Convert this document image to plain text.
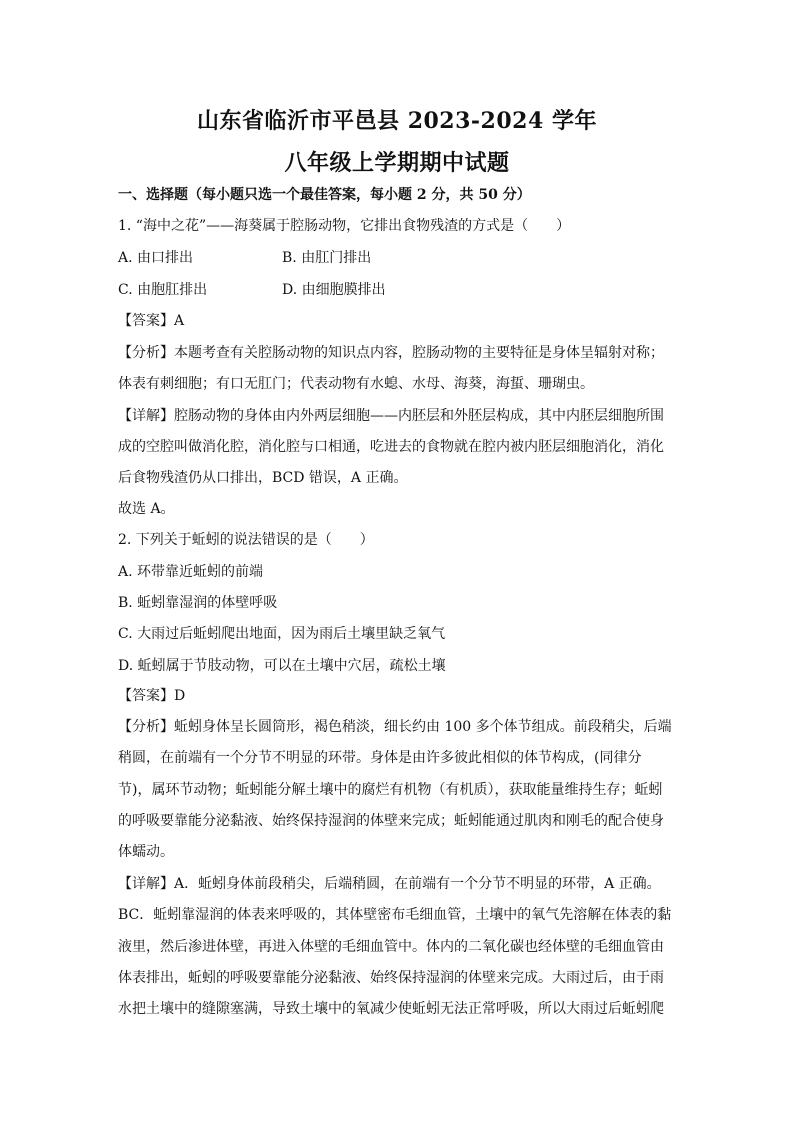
山东省临沂市平邑县 2023-2024 学年
八年级上学期期中试题
一、选择题（每小题只选一个最佳答案，每小题 2 分，共 50 分）
1. “海中之花”——海葵属于腔肠动物，它排出食物残渣的方式是（　　）
A. 由口排出	B. 由肛门排出
C. 由胞肛排出	D. 由细胞膜排出
【答案】A
【分析】本题考查有关腔肠动物的知识点内容，腔肠动物的主要特征是身体呈辐射对称；
体表有刺细胞；有口无肛门；代表动物有水螅、水母、海葵，海蜇、珊瑚虫。
【详解】腔肠动物的身体由内外两层细胞——内胚层和外胚层构成，其中内胚层细胞所围
成的空腔叫做消化腔，消化腔与口相通，吃进去的食物就在腔内被内胚层细胞消化，消化
后食物残渣仍从口排出，BCD 错误，A 正确。
故选 A。
2. 下列关于蚯蚓的说法错误的是（　　）
A. 环带靠近蚯蚓的前端
B. 蚯蚓靠湿润的体壁呼吸
C. 大雨过后蚯蚓爬出地面，因为雨后土壤里缺乏氧气
D. 蚯蚓属于节肢动物，可以在土壤中穴居，疏松土壤
【答案】D
【分析】蚯蚓身体呈长圆筒形，褐色稍淡，细长约由 100 多个体节组成。前段稍尖，后端
稍圆，在前端有一个分节不明显的环带。身体是由许多彼此相似的体节构成，(同律分
节)，属环节动物；蚯蚓能分解土壤中的腐烂有机物（有机质），获取能量维持生存；蚯蚓
的呼吸要靠能分泌黏液、始终保持湿润的体壁来完成；蚯蚓能通过肌肉和刚毛的配合使身
体蠕动。
【详解】A．蚯蚓身体前段稍尖，后端稍圆，在前端有一个分节不明显的环带，A 正确。
BC．蚯蚓靠湿润的体表来呼吸的，其体壁密布毛细血管，土壤中的氧气先溶解在体表的黏
液里，然后渗进体壁，再进入体壁的毛细血管中。体内的二氧化碳也经体壁的毛细血管由
体表排出，蚯蚓的呼吸要靠能分泌黏液、始终保持湿润的体壁来完成。大雨过后，由于雨
水把土壤中的缝隙塞满，导致土壤中的氧减少使蚯蚓无法正常呼吸，所以大雨过后蚯蚓爬
